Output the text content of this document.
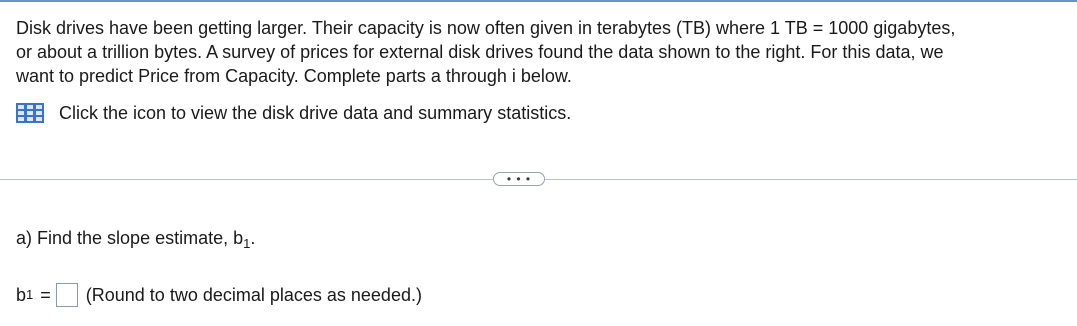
Disk drives have been getting larger. Their capacity is now often given in terabytes (TB) where 1 TB = 1000 gigabytes,
or about a trillion bytes. A survey of prices for external disk drives found the data shown to the right. For this data, we
want to predict Price from Capacity. Complete parts a through i below.
Click the icon to view the disk drive data and summary statistics.
• • •
a) Find the slope estimate, $b_1$.
b 1 = (Round to two decimal places as needed.)
